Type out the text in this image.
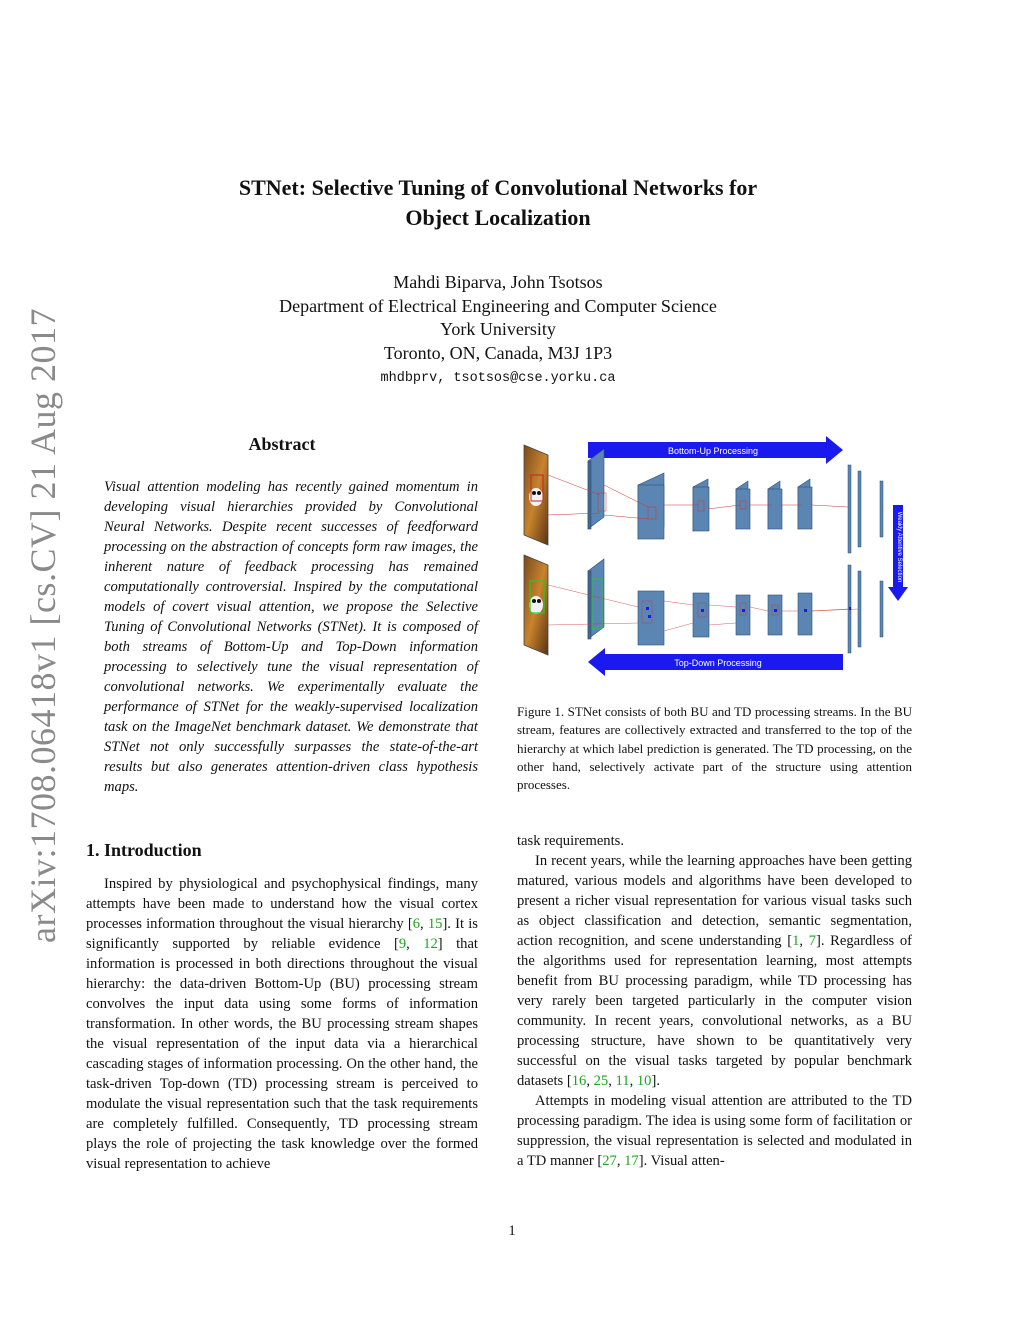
arXiv:1708.06418v1 [cs.CV] 21 Aug 2017
STNet: Selective Tuning of Convolutional Networks for
Object Localization
Mahdi Biparva, John Tsotsos
Department of Electrical Engineering and Computer Science
York University
Toronto, ON, Canada, M3J 1P3
mhdbprv, tsotsos@cse.yorku.ca
Abstract
Visual attention modeling has recently gained momentum in developing visual hierarchies provided by Convolutional Neural Networks. Despite recent successes of feedforward processing on the abstraction of concepts form raw images, the inherent nature of feedback processing has remained computationally controversial. Inspired by the computational models of covert visual attention, we propose the Selective Tuning of Convolutional Networks (STNet). It is composed of both streams of Bottom-Up and Top-Down information processing to selectively tune the visual representation of convolutional networks. We experimentally evaluate the performance of STNet for the weakly-supervised localization task on the ImageNet benchmark dataset. We demonstrate that STNet not only successfully surpasses the state-of-the-art results but also generates attention-driven class hypothesis maps.
1. Introduction
Inspired by physiological and psychophysical findings, many attempts have been made to understand how the visual cortex processes information throughout the visual hierarchy [6, 15]. It is significantly supported by reliable evidence [9, 12] that information is processed in both directions throughout the visual hierarchy: the data-driven Bottom-Up (BU) processing stream convolves the input data using some forms of information transformation. In other words, the BU processing stream shapes the visual representation of the input data via a hierarchical cascading stages of information processing. On the other hand, the task-driven Top-down (TD) processing stream is perceived to modulate the visual representation such that the task requirements are completely fulfilled. Consequently, TD processing stream plays the role of projecting the task knowledge over the formed visual representation to achieve
Bottom-Up Processing
Weakly Attentive Selection
Top-Down Processing
Figure 1. STNet consists of both BU and TD processing streams. In the BU stream, features are collectively extracted and transferred to the top of the hierarchy at which label prediction is generated. The TD processing, on the other hand, selectively activate part of the structure using attention processes.

task requirements.

In recent years, while the learning approaches have been getting matured, various models and algorithms have been developed to present a richer visual representation for various visual tasks such as object classification and detection, semantic segmentation, action recognition, and scene understanding [1, 7]. Regardless of the algorithms used for representation learning, most attempts benefit from BU processing paradigm, while TD processing has very rarely been targeted particularly in the computer vision community. In recent years, convolutional networks, as a BU processing structure, have shown to be quantitatively very successful on the visual tasks targeted by popular benchmark datasets [16, 25, 11, 10].

Attempts in modeling visual attention are attributed to the TD processing paradigm. The idea is using some form of facilitation or suppression, the visual representation is selected and modulated in a TD manner [27, 17]. Visual atten-

1
